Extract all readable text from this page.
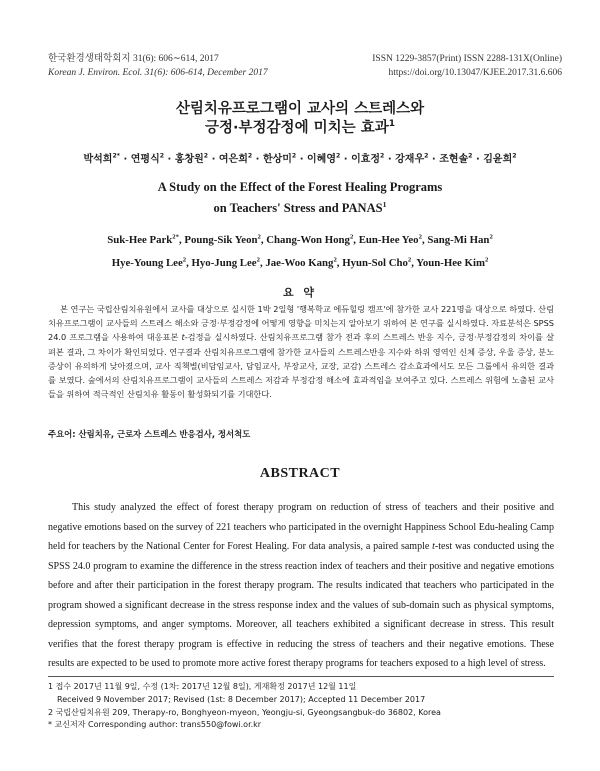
한국환경생태학회지 31(6): 606∼614, 2017
Korean J. Environ. Ecol. 31(6): 606-614, December 2017
ISSN 1229-3857(Print) ISSN 2288-131X(Online)
https://doi.org/10.13047/KJEE.2017.31.6.606
산림치유프로그램이 교사의 스트레스와
긍정·부정감정에 미치는 효과$^1$
박석희$^{2*}$ · 연평식$^2$ · 홍창원$^2$ · 여은희$^2$ · 한상미$^2$ · 이혜영$^2$ · 이효정$^2$ · 강재우$^2$ · 조현솔$^2$ · 김윤희$^2$
A Study on the Effect of the Forest Healing Programs
on Teachers' Stress and PANAS$^1$
Suk-Hee Park$^{2*}$, Poung-Sik Yeon$^2$, Chang-Won Hong$^2$, Eun-Hee Yeo$^2$, Sang-Mi Han$^2$
Hye-Young Lee$^2$, Hyo-Jung Lee$^2$, Jae-Woo Kang$^2$, Hyun-Sol Cho$^2$, Youn-Hee Kim$^2$
요 약
본 연구는 국립산림치유원에서 교사를 대상으로 실시한 1박 2일형 '행복학교 에듀힐링 캠프'에 참가한 교사 221명을 대상으로 하였다. 산림치유프로그램이 교사들의 스트레스 해소와 긍정·부정감정에 어떻게 영향을 미치는지 알아보기 위하여 본 연구를 실시하였다. 자료분석은 SPSS 24.0 프로그램을 사용하여 대응표본 t-검정을 실시하였다. 산림치유프로그램 참가 전과 후의 스트레스 반응 지수, 긍정·부정감정의 차이를 살펴본 결과, 그 차이가 확인되었다. 연구결과 산림치유프로그램에 참가한 교사들의 스트레스반응 지수와 하위 영역인 신체 증상, 우울 증상, 분노 증상이 유의하게 낮아졌으며, 교사 직책별(비담임교사, 담임교사, 부장교사, 교장, 교감) 스트레스 감소효과에서도 모든 그룹에서 유의한 결과를 보였다. 숲에서의 산림치유프로그램이 교사들의 스트레스 저감과 부정감정 해소에 효과적임을 보여주고 있다. 스트레스 위험에 노출된 교사들을 위하여 적극적인 산림치유 활동이 활성화되기를 기대한다.
주요어: 산림치유, 근로자 스트레스 반응검사, 정서척도
ABSTRACT
This study analyzed the effect of forest therapy program on reduction of stress of teachers and their positive and negative emotions based on the survey of 221 teachers who participated in the overnight Happiness School Edu-healing Camp held for teachers by the National Center for Forest Healing. For data analysis, a paired sample t-test was conducted using the SPSS 24.0 program to examine the difference in the stress reaction index of teachers and their positive and negative emotions before and after their participation in the forest therapy program. The results indicated that teachers who participated in the program showed a significant decrease in the stress response index and the values of sub-domain such as physical symptoms, depression symptoms, and anger symptoms. Moreover, all teachers exhibited a significant decrease in stress. This result verifies that the forest therapy program is effective in reducing the stress of teachers and their negative emotions. These results are expected to be used to promote more active forest therapy programs for teachers exposed to a high level of stress.
1 접수 2017년 11월 9일, 수정 (1차: 2017년 12월 8일), 게재확정 2017년 12월 11일
Received 9 November 2017; Revised (1st: 8 December 2017); Accepted 11 December 2017
2 국립산림치유원 209, Therapy-ro, Bonghyeon-myeon, Yeongju-si, Gyeongsangbuk-do 36802, Korea
* 교신저자 Corresponding author: trans550@fowi.or.kr
